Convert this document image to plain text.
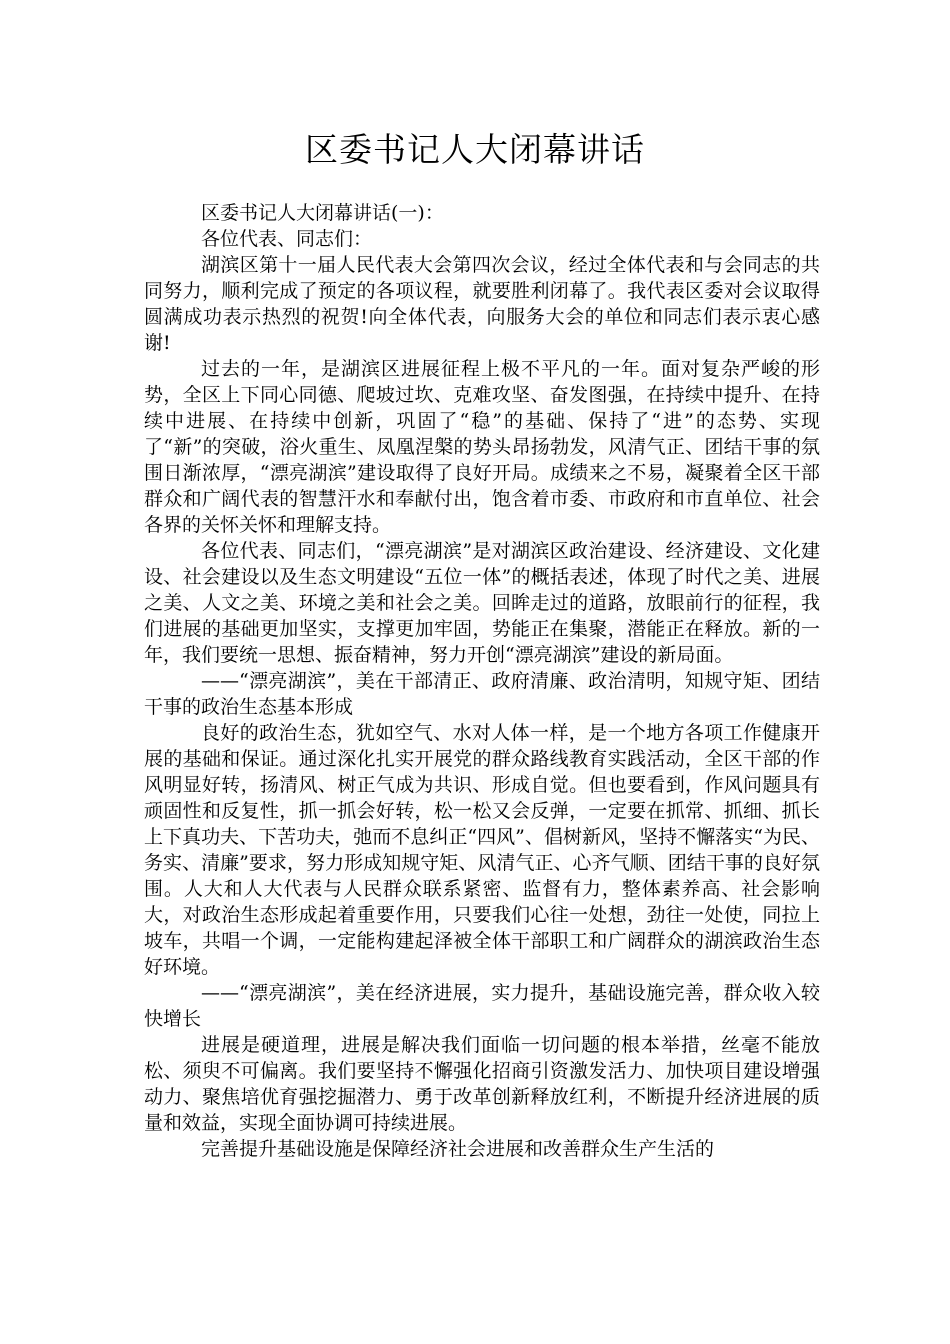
区委书记人大闭幕讲话

区委书记人大闭幕讲话(一)：

各位代表、同志们：

湖滨区第十一届人民代表大会第四次会议，经过全体代表和与会同志的共同努力，顺利完成了预定的各项议程，就要胜利闭幕了。我代表区委对会议取得圆满成功表示热烈的祝贺!向全体代表，向服务大会的单位和同志们表示衷心感谢!

过去的一年，是湖滨区进展征程上极不平凡的一年。面对复杂严峻的形势，全区上下同心同德、爬坡过坎、克难攻坚、奋发图强，在持续中提升、在持续中进展、在持续中创新，巩固了“稳”的基础、保持了“进”的态势、实现了“新”的突破，浴火重生、凤凰涅槃的势头昂扬勃发，风清气正、团结干事的氛围日渐浓厚，“漂亮湖滨”建设取得了良好开局。成绩来之不易，凝聚着全区干部群众和广阔代表的智慧汗水和奉献付出，饱含着市委、市政府和市直单位、社会各界的关怀关怀和理解支持。

各位代表、同志们，“漂亮湖滨”是对湖滨区政治建设、经济建设、文化建设、社会建设以及生态文明建设“五位一体”的概括表述，体现了时代之美、进展之美、人文之美、环境之美和社会之美。回眸走过的道路，放眼前行的征程，我们进展的基础更加坚实，支撑更加牢固，势能正在集聚，潜能正在释放。新的一年，我们要统一思想、振奋精神，努力开创“漂亮湖滨”建设的新局面。

——“漂亮湖滨”，美在干部清正、政府清廉、政治清明，知规守矩、团结干事的政治生态基本形成

良好的政治生态，犹如空气、水对人体一样，是一个地方各项工作健康开展的基础和保证。通过深化扎实开展党的群众路线教育实践活动，全区干部的作风明显好转，扬清风、树正气成为共识、形成自觉。但也要看到，作风问题具有顽固性和反复性，抓一抓会好转，松一松又会反弹，一定要在抓常、抓细、抓长上下真功夫、下苦功夫，弛而不息纠正“四风”、倡树新风，坚持不懈落实“为民、务实、清廉”要求，努力形成知规守矩、风清气正、心齐气顺、团结干事的良好氛围。人大和人大代表与人民群众联系紧密、监督有力，整体素养高、社会影响大，对政治生态形成起着重要作用，只要我们心往一处想，劲往一处使，同拉上坡车，共唱一个调，一定能构建起泽被全体干部职工和广阔群众的湖滨政治生态好环境。

——“漂亮湖滨”，美在经济进展，实力提升，基础设施完善，群众收入较快增长

进展是硬道理，进展是解决我们面临一切问题的根本举措，丝毫不能放松、须臾不可偏离。我们要坚持不懈强化招商引资激发活力、加快项目建设增强动力、聚焦培优育强挖掘潜力、勇于改革创新释放红利，不断提升经济进展的质量和效益，实现全面协调可持续进展。

完善提升基础设施是保障经济社会进展和改善群众生产生活的
